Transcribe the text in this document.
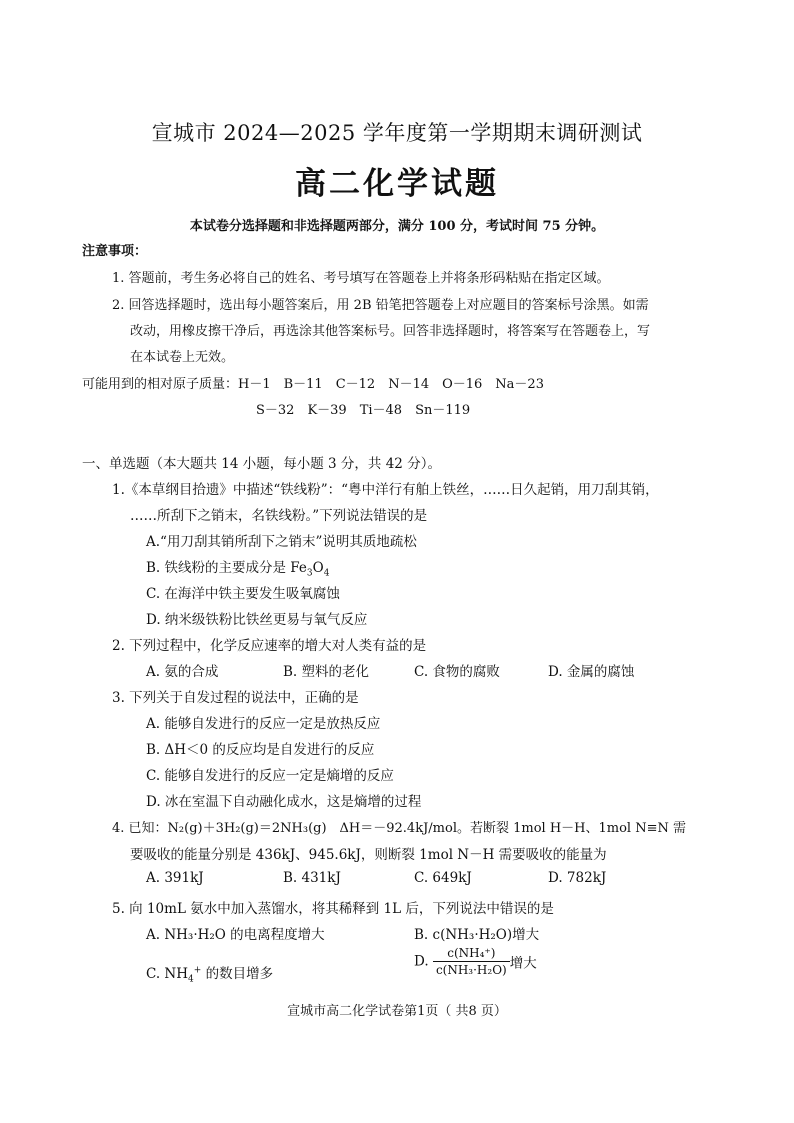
宣城市 2024—2025 学年度第一学期期末调研测试
高二化学试题
本试卷分选择题和非选择题两部分，满分 100 分，考试时间 75 分钟。
注意事项：
1. 答题前，考生务必将自己的姓名、考号填写在答题卷上并将条形码粘贴在指定区域。
2. 回答选择题时，选出每小题答案后，用 2B 铅笔把答题卷上对应题目的答案标号涂黑。如需
改动，用橡皮擦干净后，再选涂其他答案标号。回答非选择题时，将答案写在答题卷上，写
在本试卷上无效。
可能用到的相对原子质量：H－1　B－11　C－12　N－14　O－16　Na－23
S－32　K－39　Ti－48　Sn－119
一、单选题（本大题共 14 小题，每小题 3 分，共 42 分）。
1.《本草纲目拾遗》中描述“铁线粉”：“粤中洋行有舶上铁丝，……日久起销，用刀刮其销，
……所刮下之销末，名铁线粉。”下列说法错误的是
A.“用刀刮其销所刮下之销末”说明其质地疏松
B. 铁线粉的主要成分是 $Fe_3O_4$
C. 在海洋中铁主要发生吸氧腐蚀
D. 纳米级铁粉比铁丝更易与氧气反应
2. 下列过程中，化学反应速率的增大对人类有益的是
A. 氨的合成	B. 塑料的老化	C. 食物的腐败	D. 金属的腐蚀
3. 下列关于自发过程的说法中，正确的是
A. 能够自发进行的反应一定是放热反应
B. ΔH＜0 的反应均是自发进行的反应
C. 能够自发进行的反应一定是熵增的反应
D. 冰在室温下自动融化成水，这是熵增的过程
4. 已知：N₂(g)＋3H₂(g)＝2NH₃(g)　ΔH＝－92.4kJ/mol。若断裂 1mol H－H、1mol N≡N 需
要吸收的能量分别是 436kJ、945.6kJ，则断裂 1mol N－H 需要吸收的能量为
A. 391kJ	B. 431kJ	C. 649kJ	D. 782kJ
5. 向 10mL 氨水中加入蒸馏水，将其稀释到 1L 后，下列说法中错误的是
A. NH₃·H₂O 的电离程度增大	B. c(NH₃·H₂O)增大
C. $NH_4^+$ 的数目增多
D. $\frac{\text{c(NH₄⁺)}}{\text{c(NH₃·H₂O)}}$ 增大
宣城市高二化学试卷第1页（ 共8 页）
